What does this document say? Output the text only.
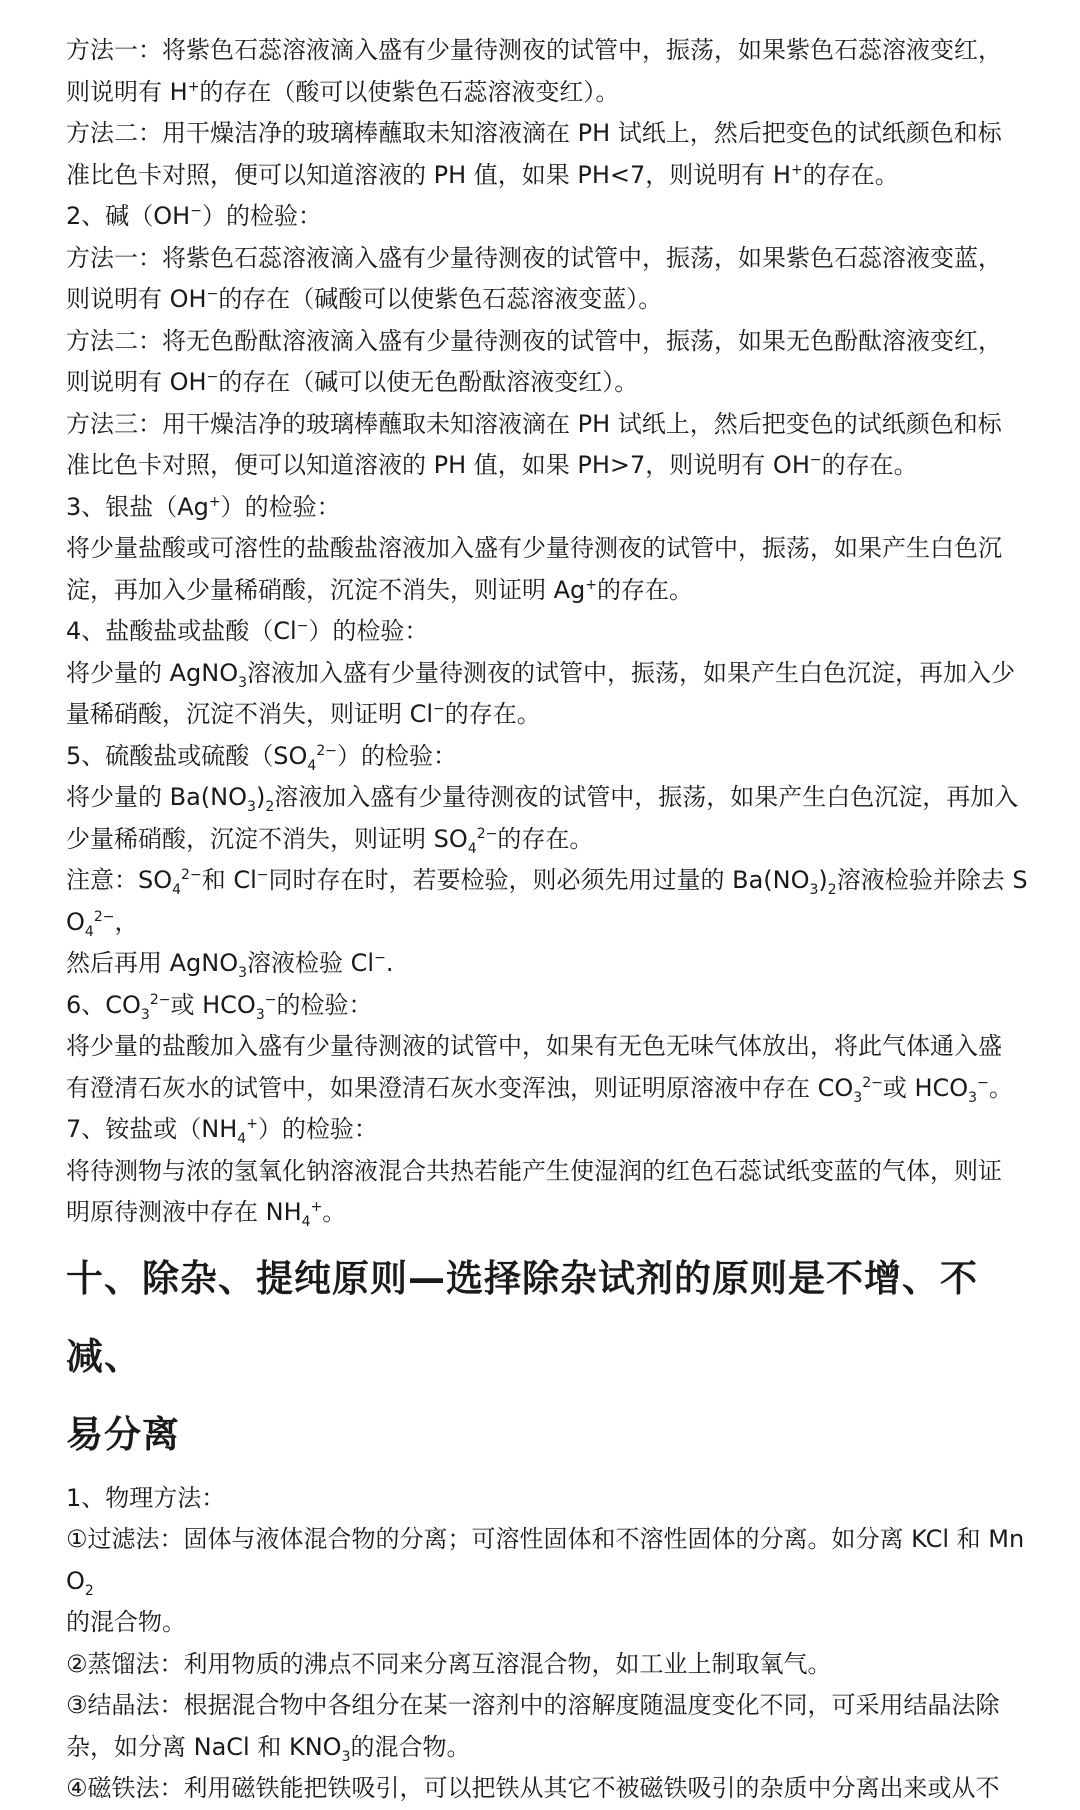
方法一：将紫色石蕊溶液滴入盛有少量待测夜的试管中，振荡，如果紫色石蕊溶液变红，

则说明有 H+的存在（酸可以使紫色石蕊溶液变红）。

方法二：用干燥洁净的玻璃棒蘸取未知溶液滴在 PH 试纸上，然后把变色的试纸颜色和标

准比色卡对照，便可以知道溶液的 PH 值，如果 PH<7，则说明有 H+的存在。

2、碱（OH−）的检验：

方法一：将紫色石蕊溶液滴入盛有少量待测夜的试管中，振荡，如果紫色石蕊溶液变蓝，

则说明有 OH−的存在（碱酸可以使紫色石蕊溶液变蓝）。

方法二：将无色酚酞溶液滴入盛有少量待测夜的试管中，振荡，如果无色酚酞溶液变红，

则说明有 OH−的存在（碱可以使无色酚酞溶液变红）。

方法三：用干燥洁净的玻璃棒蘸取未知溶液滴在 PH 试纸上，然后把变色的试纸颜色和标

准比色卡对照，便可以知道溶液的 PH 值，如果 PH>7，则说明有 OH−的存在。

3、银盐（Ag+）的检验：

将少量盐酸或可溶性的盐酸盐溶液加入盛有少量待测夜的试管中，振荡，如果产生白色沉

淀，再加入少量稀硝酸，沉淀不消失，则证明 Ag+的存在。

4、盐酸盐或盐酸（Cl−）的检验：

将少量的 AgNO$_3$溶液加入盛有少量待测夜的试管中，振荡，如果产生白色沉淀，再加入少

量稀硝酸，沉淀不消失，则证明 Cl−的存在。

5、硫酸盐或硫酸$(SO_4^{2-})$的检验：

将少量的 $Ba(NO_3)_2$溶液加入盛有少量待测夜的试管中，振荡，如果产生白色沉淀，再加入

少量稀硝酸，沉淀不消失，则证明 $SO_4^{2-}$的存在。

注意：$SO_4^{2-}$和 Cl−同时存在时，若要检验，则必须先用过量的 $Ba(NO_3)_2$溶液检验并除去 $SO_4^{2-}$，

然后再用 AgNO$_3$溶液检验 Cl−.

6、$CO_3^{2-}$或 $HCO_3^-$的检验：

将少量的盐酸加入盛有少量待测液的试管中，如果有无色无味气体放出，将此气体通入盛

有澄清石灰水的试管中，如果澄清石灰水变浑浊，则证明原溶液中存在 $CO_3^{2-}$或 $HCO_3^-$。

7、铵盐或$(NH_4^+)$的检验：

将待测物与浓的氢氧化钠溶液混合共热若能产生使湿润的红色石蕊试纸变蓝的气体，则证

明原待测液中存在 $NH_4^+$。

十、除杂、提纯原则—选择除杂试剂的原则是不增、不减、
易分离

1、物理方法：

①过滤法：固体与液体混合物的分离；可溶性固体和不溶性固体的分离。如分离 KCl 和 MnO$_2$

的混合物。

②蒸馏法：利用物质的沸点不同来分离互溶混合物，如工业上制取氧气。

③结晶法：根据混合物中各组分在某一溶剂中的溶解度随温度变化不同，可采用结晶法除

杂，如分离 NaCl 和 $KNO_3$的混合物。

④磁铁法：利用磁铁能把铁吸引，可以把铁从其它不被磁铁吸引的杂质中分离出来或从不
